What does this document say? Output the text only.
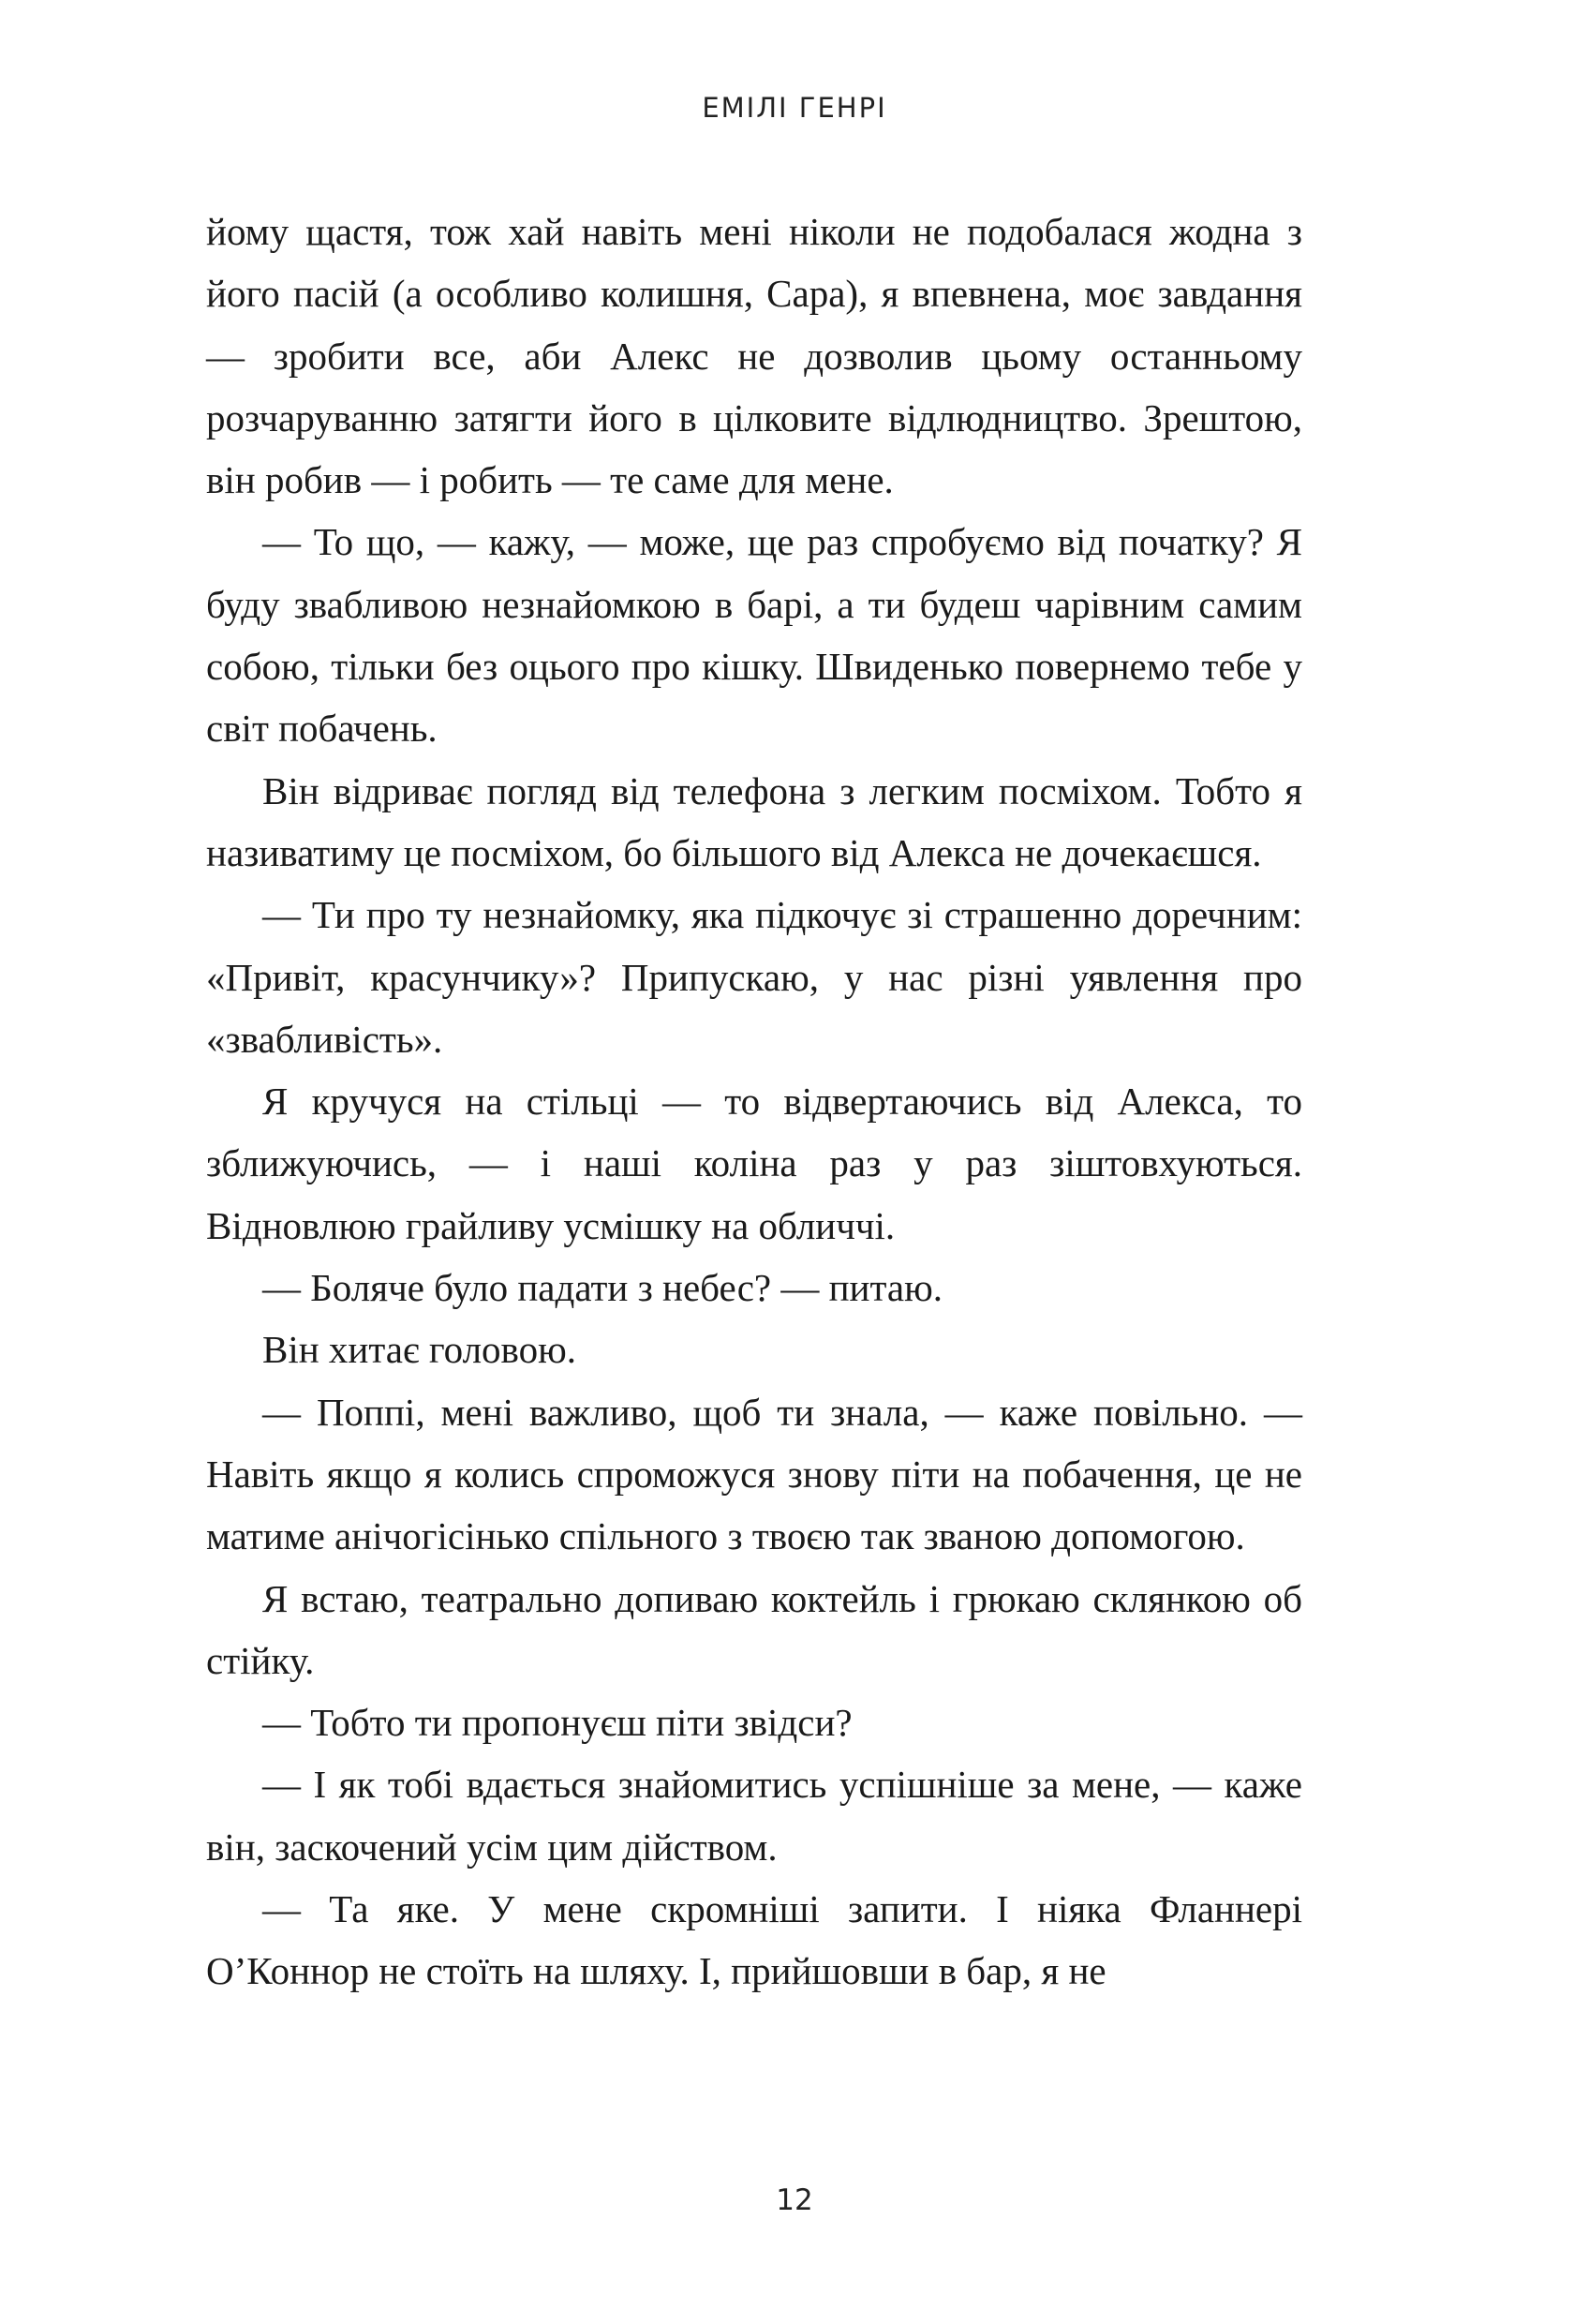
ЕМІЛІ ГЕНРІ

йому щастя, тож хай навіть мені ніколи не подобалася жодна з його пасій (а особливо колишня, Сара), я впевнена, моє завдання — зробити все, аби Алекс не дозволив цьому останньому розчаруванню затягти його в цілковите відлюдництво. Зрештою, він робив — і робить — те саме для мене.

— То що, — кажу, — може, ще раз спробуємо від початку? Я буду звабливою незнайомкою в барі, а ти будеш чарівним самим собою, тільки без оцього про кішку. Швиденько повернемо тебе у світ побачень.

Він відриває погляд від телефона з легким посміхом. Тобто я називатиму це посміхом, бо більшого від Алекса не дочекаєшся.

— Ти про ту незнайомку, яка підкочує зі страшенно доречним: «Привіт, красунчику»? Припускаю, у нас різні уявлення про «звабливість».

Я кручуся на стільці — то відвертаючись від Алекса, то зближуючись, — і наші коліна раз у раз зіштовхуються. Відновлюю грайливу усмішку на обличчі.

— Боляче було падати з небес? — питаю.

Він хитає головою.

— Поппі, мені важливо, щоб ти знала, — каже повільно. — Навіть якщо я колись спроможуся знову піти на побачення, це не матиме анічогісінько спільного з твоєю так званою допомогою.

Я встаю, театрально допиваю коктейль і грюкаю склянкою об стійку.

— Тобто ти пропонуєш піти звідси?

— І як тобі вдається знайомитись успішніше за мене, — каже він, заскочений усім цим дійством.

— Та яке. У мене скромніші запити. І ніяка Фланнері О’Коннор не стоїть на шляху. І, прийшовши в бар, я не

12
